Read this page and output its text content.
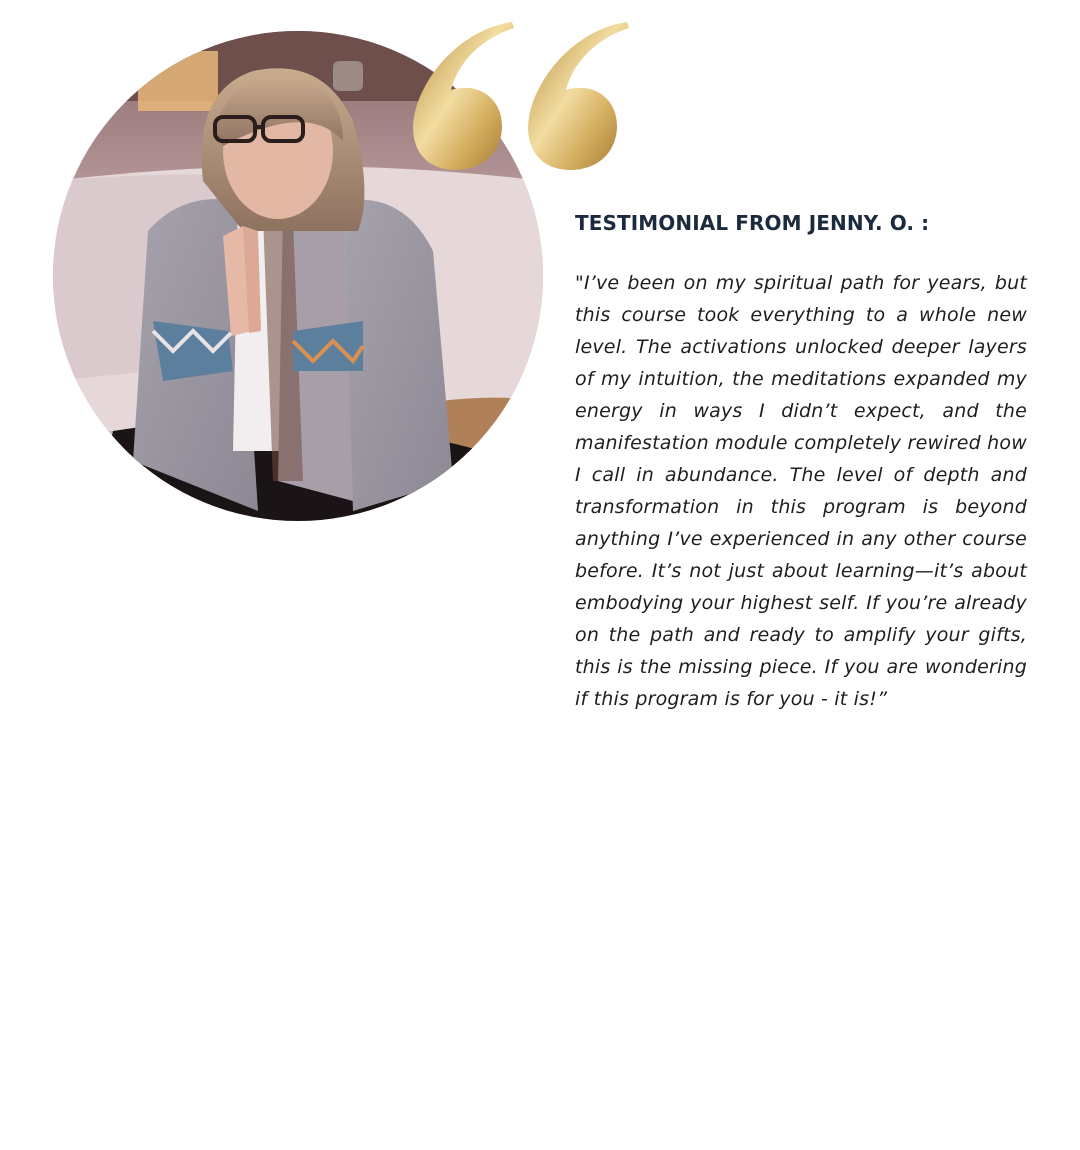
TESTIMONIAL FROM JENNY. O. :

"I’ve been on my spiritual path for years, but this course took everything to a whole new level. The activations unlocked deeper layers of my intuition, the meditations expanded my energy in ways I didn’t expect, and the manifestation module completely rewired how I call in abundance. The level of depth and transformation in this program is beyond anything I’ve experienced in any other course before. It’s not just about learning—it’s about embodying your highest self. If you’re already on the path and ready to amplify your gifts, this is the missing piece. If you are wondering if this program is for you - it is!”
